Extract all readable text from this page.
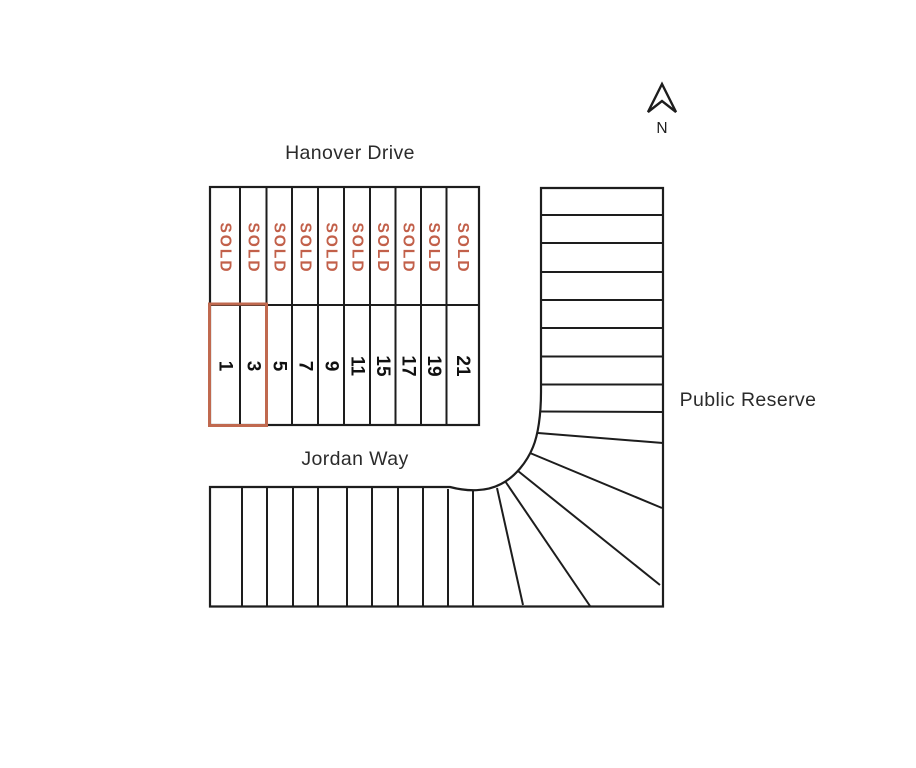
Hanover Drive
Jordan Way
Public Reserve
N
SOLD SOLD SOLD SOLD SOLD SOLD SOLD SOLD SOLD SOLD
1 3 5 7 9 11 15 17 19 21
